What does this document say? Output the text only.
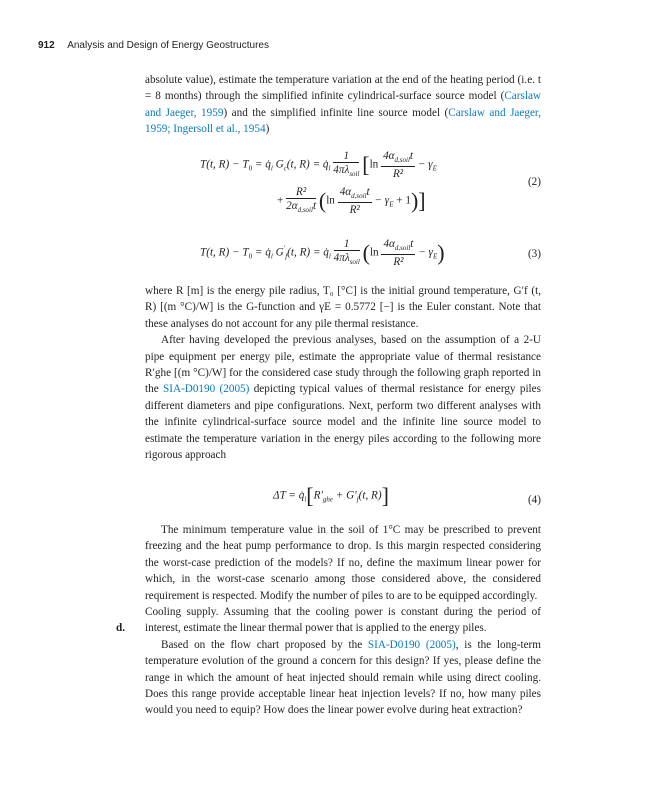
912 Analysis and Design of Energy Geostructures

absolute value), estimate the temperature variation at the end of the heating period (i.e. t = 8 months) through the simplified infinite cylindrical-surface source model (Carslaw and Jaeger, 1959) and the simplified infinite line source model (Carslaw and Jaeger, 1959; Ingersoll et al., 1954)

T(t, $R) - T_0$ = $q̇_l$ $G_c(t$, $R) = q̇_l \frac{1}{4\pi\lambda_{soil}} [\ln \frac{4\alpha_{d,soil}t}{\text{R²}} - \gamma_E$
+ $\frac{\text{R²}}{2\alpha_{d,soil}t} (\ln \frac{4\alpha_{d,soil}t}{\text{R²}} - \gamma_E + 1)$]
(2)
T(t, $R) - T_0$ = $q̇_l$ $G'_f(t$, $R) = q̇_l \frac{1}{4\pi\lambda_{soil}} (\ln \frac{4\alpha_{d,soil}t}{\text{R²}} - \gamma_E)$	(3)

where R [m] is the energy pile radius, T₀ [°C] is the initial ground temperature, G′f (t, R) [(m °C)/W] is the G-function and γE = 0.5772 [−] is the Euler constant. Note that these analyses do not account for any pile thermal resistance.

After having developed the previous analyses, based on the assumption of a 2-U pipe equipment per energy pile, estimate the appropriate value of thermal resistance R′ghe [(m °C)/W] for the considered case study through the following graph reported in the SIA-D0190 (2005) depicting typical values of thermal resistance for energy piles different diameters and pipe configurations. Next, perform two different analyses with the infinite cylindrical-surface source model and the infinite line source model to estimate the temperature variation in the energy piles according to the following more rigorous approach

$\Delta T = q̇_l[R'_{ghe} + G'_f(t$, R)]	(4)

The minimum temperature value in the soil of 1°C may be prescribed to prevent freezing and the heat pump performance to drop. Is this margin respected considering the worst-case prediction of the models? If no, define the maximum linear power for which, in the worst-case scenario among those considered above, the considered requirement is respected. Modify the number of piles to are to be equipped accordingly.

Cooling supply. Assuming that the cooling power is constant during the period of interest, estimate the linear thermal power that is applied to the energy piles.

Based on the flow chart proposed by the SIA-D0190 (2005), is the long-term temperature evolution of the ground a concern for this design? If yes, please define the range in which the amount of heat injected should remain while using direct cooling. Does this range provide acceptable linear heat injection levels? If no, how many piles would you need to equip? How does the linear power evolve during heat extraction?

d.
